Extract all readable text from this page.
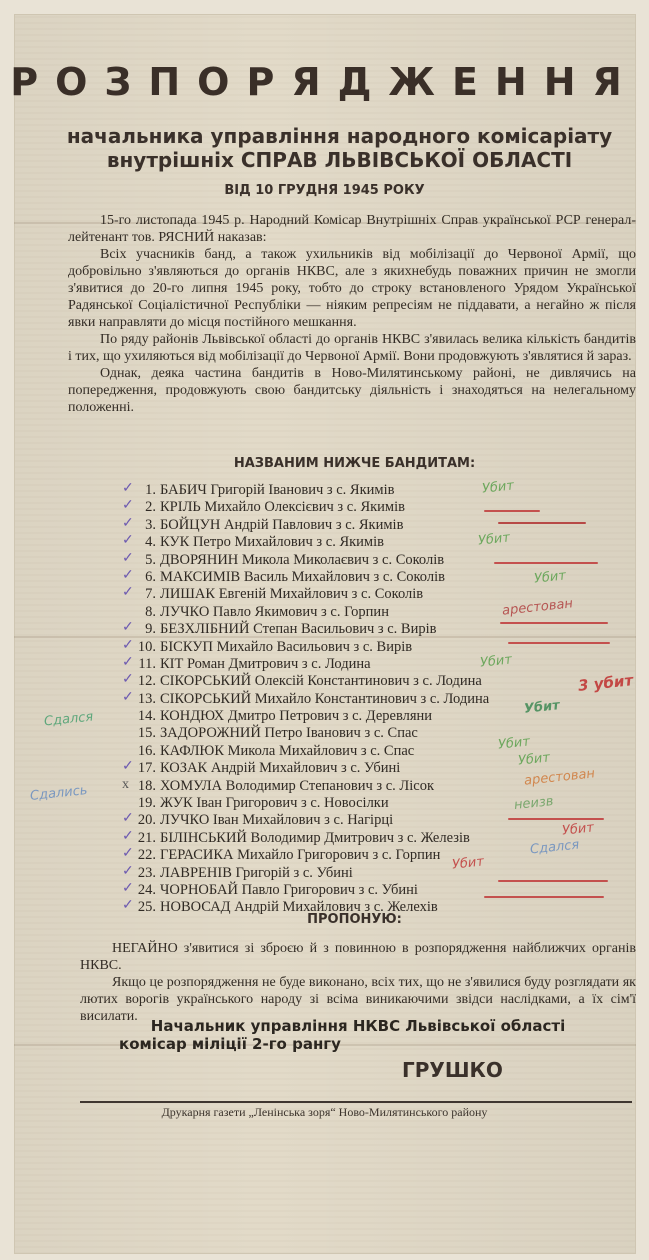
РОЗПОРЯДЖЕННЯ
начальника управління народного комісаріату
внутрішніх СПРАВ ЛЬВІВСЬКОЇ ОБЛАСТІ
ВІД 10 ГРУДНЯ 1945 РОКУ

15-го листопада 1945 р. Народний Комісар Внутрішніх Справ української РСР генерал-лейтенант тов. РЯСНИЙ наказав:

Всіх учасників банд, а також ухильників від мобілізації до Червоної Армії, що добровільно з'являються до органів НКВС, але з якихнебудь поважних причин не змогли з'явитися до 20-го липня 1945 року, тобто до строку встановленого Урядом Української Радянської Соціалістичної Республіки — ніяким репресіям не піддавати, а негайно ж після явки направляти до місця постійного мешкання.

По ряду районів Львівської області до органів НКВС з'явилась велика кількість бандитів і тих, що ухиляються від мобілізації до Червоної Армії. Вони продовжують з'являтися й зараз.

Однак, деяка частина бандитів в Ново-Милятинському районі, не дивлячись на попередження, продовжують свою бандитську діяльність і знаходяться на нелегальному положенні.

НАЗВАНИМ НИЖЧЕ БАНДИТАМ:
✓ 1. БАБИЧ Григорій Іванович з с. Якимів
✓ 2. КРІЛЬ Михайло Олексієвич з с. Якимів
✓ 3. БОЙЦУН Андрій Павлович з с. Якимів
✓ 4. КУК Петро Михайлович з с. Якимів
✓ 5. ДВОРЯНИН Микола Миколаєвич з с. Соколів
✓ 6. МАКСИМІВ Василь Михайлович з с. Соколів
✓ 7. ЛИШАК Евгеній Михайлович з с. Соколів
8. ЛУЧКО Павло Якимович з с. Горпин
✓ 9. БЕЗХЛІБНИЙ Степан Васильович з с. Вирів
✓ 10. БІСКУП Михайло Васильович з с. Вирів
✓ 11. КІТ Роман Дмитрович з с. Лодина
✓ 12. СІКОРСЬКИЙ Олексій Константинович з с. Лодина
✓ 13. СІКОРСЬКИЙ Михайло Константинович з с. Лодина
14. КОНДЮХ Дмитро Петрович з с. Деревляни
15. ЗАДОРОЖНИЙ Петро Іванович з с. Спас
16. КАФЛЮК Микола Михайлович з с. Спас
✓ 17. КОЗАК Андрій Михайлович з с. Убині
x 18. ХОМУЛА Володимир Степанович з с. Лісок
19. ЖУК Іван Григорович з с. Новосілки
✓ 20. ЛУЧКО Іван Михайлович з с. Нагірці
✓ 21. БІЛІНСЬКИЙ Володимир Дмитрович з с. Железів
✓ 22. ГЕРАСИКА Михайло Григорович з с. Горпин
✓ 23. ЛАВРЕНІВ Григорій з с. Убині
✓ 24. ЧОРНОБАЙ Павло Григорович з с. Убині
✓ 25. НОВОСАД Андрій Михайлович з с. Желехів
Убит
Убит
Убит
арестован
Убит
3 убит
Убит
Сдался
Убит
Убит
арестован
Сдались	неизв
Убит
Сдался
Убит
ПРОПОНУЮ:

НЕГАЙНО з'явитися зі зброєю й з повинною в розпорядження найближчих органів НКВС.

Якщо це розпорядження не буде виконано, всіх тих, що не з'явилися буду розглядати як лютих ворогів українського народу зі всіма виникаючими звідси наслідками, а їх сім'ї висилати.

Начальник управління НКВС Львівської області
комісар міліції 2-го рангу
ГРУШКО
Друкарня газети „Ленінська зоря“ Ново-Милятинського району
